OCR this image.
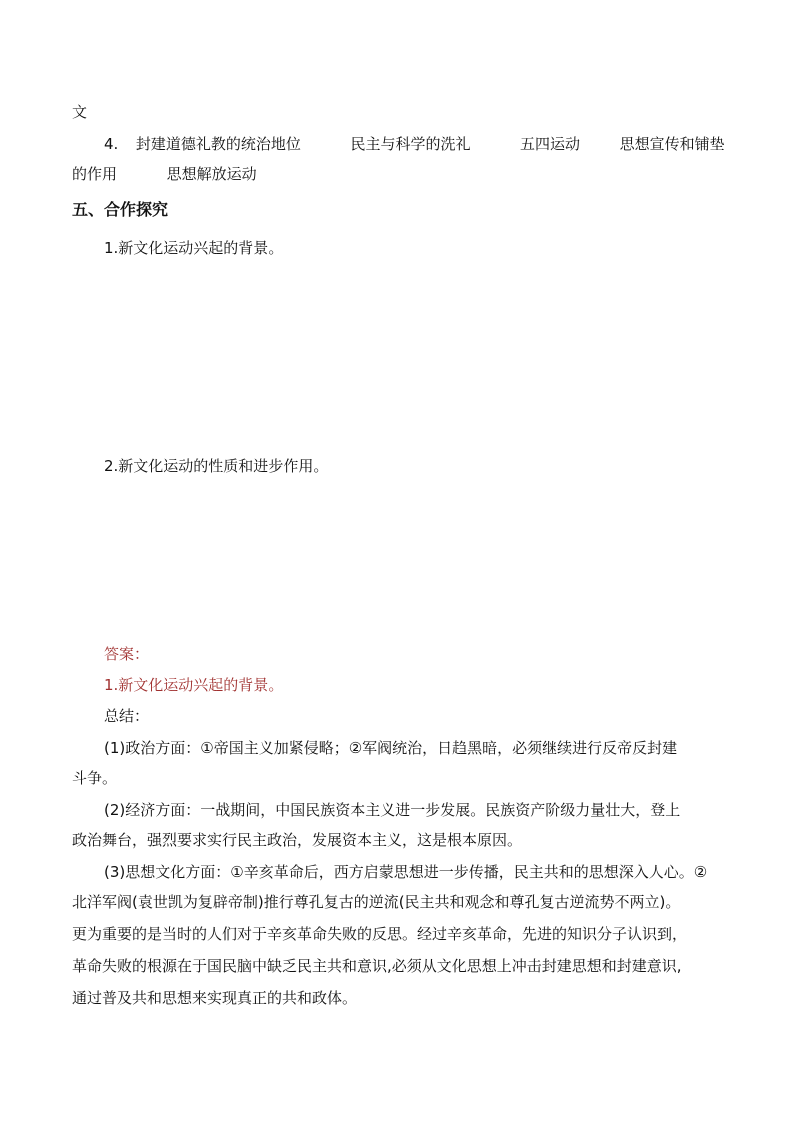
文
4. 封建道德礼教的统治地位	民主与科学的洗礼	五四运动	思想宣传和铺垫
的作用	思想解放运动
五、合作探究
1.新文化运动兴起的背景。
2.新文化运动的性质和进步作用。
答案：
1.新文化运动兴起的背景。
总结：
(1)政治方面：①帝国主义加紧侵略；②军阀统治，日趋黑暗，必须继续进行反帝反封建
斗争。
(2)经济方面：一战期间，中国民族资本主义进一步发展。民族资产阶级力量壮大，登上
政治舞台，强烈要求实行民主政治，发展资本主义，这是根本原因。
(3)思想文化方面：①辛亥革命后，西方启蒙思想进一步传播，民主共和的思想深入人心。②
北洋军阀(袁世凯为复辟帝制)推行尊孔复古的逆流(民主共和观念和尊孔复古逆流势不两立)。
更为重要的是当时的人们对于辛亥革命失败的反思。经过辛亥革命，先进的知识分子认识到，
革命失败的根源在于国民脑中缺乏民主共和意识,必须从文化思想上冲击封建思想和封建意识,
通过普及共和思想来实现真正的共和政体。
